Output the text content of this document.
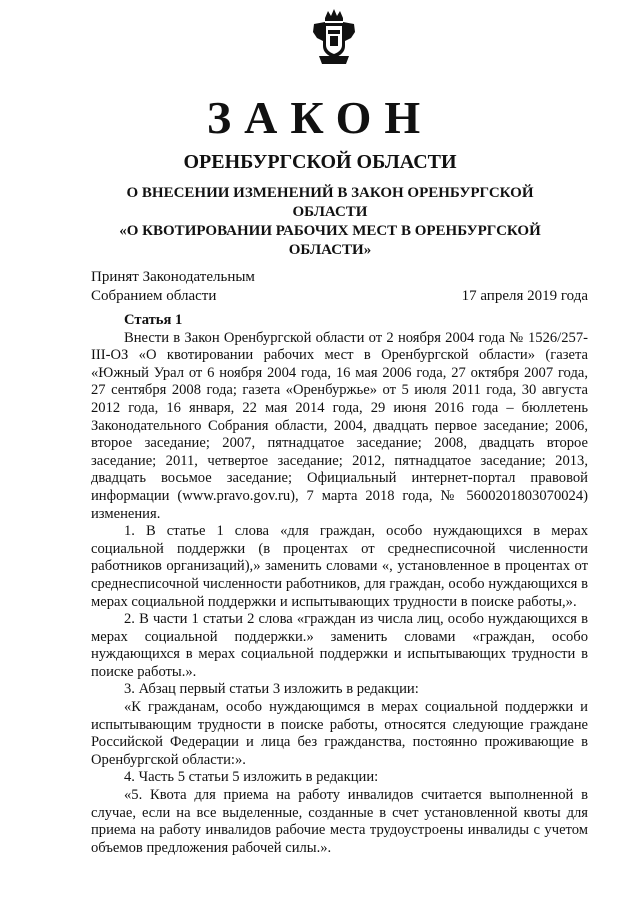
ЗАКОН
ОРЕНБУРГСКОЙ ОБЛАСТИ
О ВНЕСЕНИИ ИЗМЕНЕНИЙ В ЗАКОН ОРЕНБУРГСКОЙ ОБЛАСТИ
«О КВОТИРОВАНИИ РАБОЧИХ МЕСТ В ОРЕНБУРГСКОЙ
ОБЛАСТИ»
Принят Законодательным
Собранием области	17 апреля 2019 года
Статья 1

Внести в Закон Оренбургской области от 2 ноября 2004 года № 1526/257-III-ОЗ «О квотировании рабочих мест в Оренбургской области» (газета «Южный Урал от 6 ноября 2004 года, 16 мая 2006 года, 27 октября 2007 года, 27 сентября 2008 года; газета «Оренбуржье» от 5 июля 2011 года, 30 августа 2012 года, 16 января, 22 мая 2014 года, 29 июня 2016 года – бюллетень Законодательного Собрания области, 2004, двадцать первое заседание; 2006, второе заседание; 2007, пятнадцатое заседание; 2008, двадцать второе заседание; 2011, четвертое заседание; 2012, пятнадцатое заседание; 2013, двадцать восьмое заседание; Официальный интернет-портал правовой информации (www.pravo.gov.ru), 7 марта 2018 года, № 5600201803070024) изменения.

1. В статье 1 слова «для граждан, особо нуждающихся в мерах социальной поддержки (в процентах от среднесписочной численности работников организаций),» заменить словами «, установленное в процентах от среднесписочной численности работников, для граждан, особо нуждающихся в мерах социальной поддержки и испытывающих трудности в поиске работы,».

2. В части 1 статьи 2 слова «граждан из числа лиц, особо нуждающихся в мерах социальной поддержки.» заменить словами «граждан, особо нуждающихся в мерах социальной поддержки и испытывающих трудности в поиске работы.».

3. Абзац первый статьи 3 изложить в редакции:

«К гражданам, особо нуждающимся в мерах социальной поддержки и испытывающим трудности в поиске работы, относятся следующие граждане Российской Федерации и лица без гражданства, постоянно проживающие в Оренбургской области:».

4. Часть 5 статьи 5 изложить в редакции:

«5. Квота для приема на работу инвалидов считается выполненной в случае, если на все выделенные, созданные в счет установленной квоты для приема на работу инвалидов рабочие места трудоустроены инвалиды с учетом объемов предложения рабочей силы.».
